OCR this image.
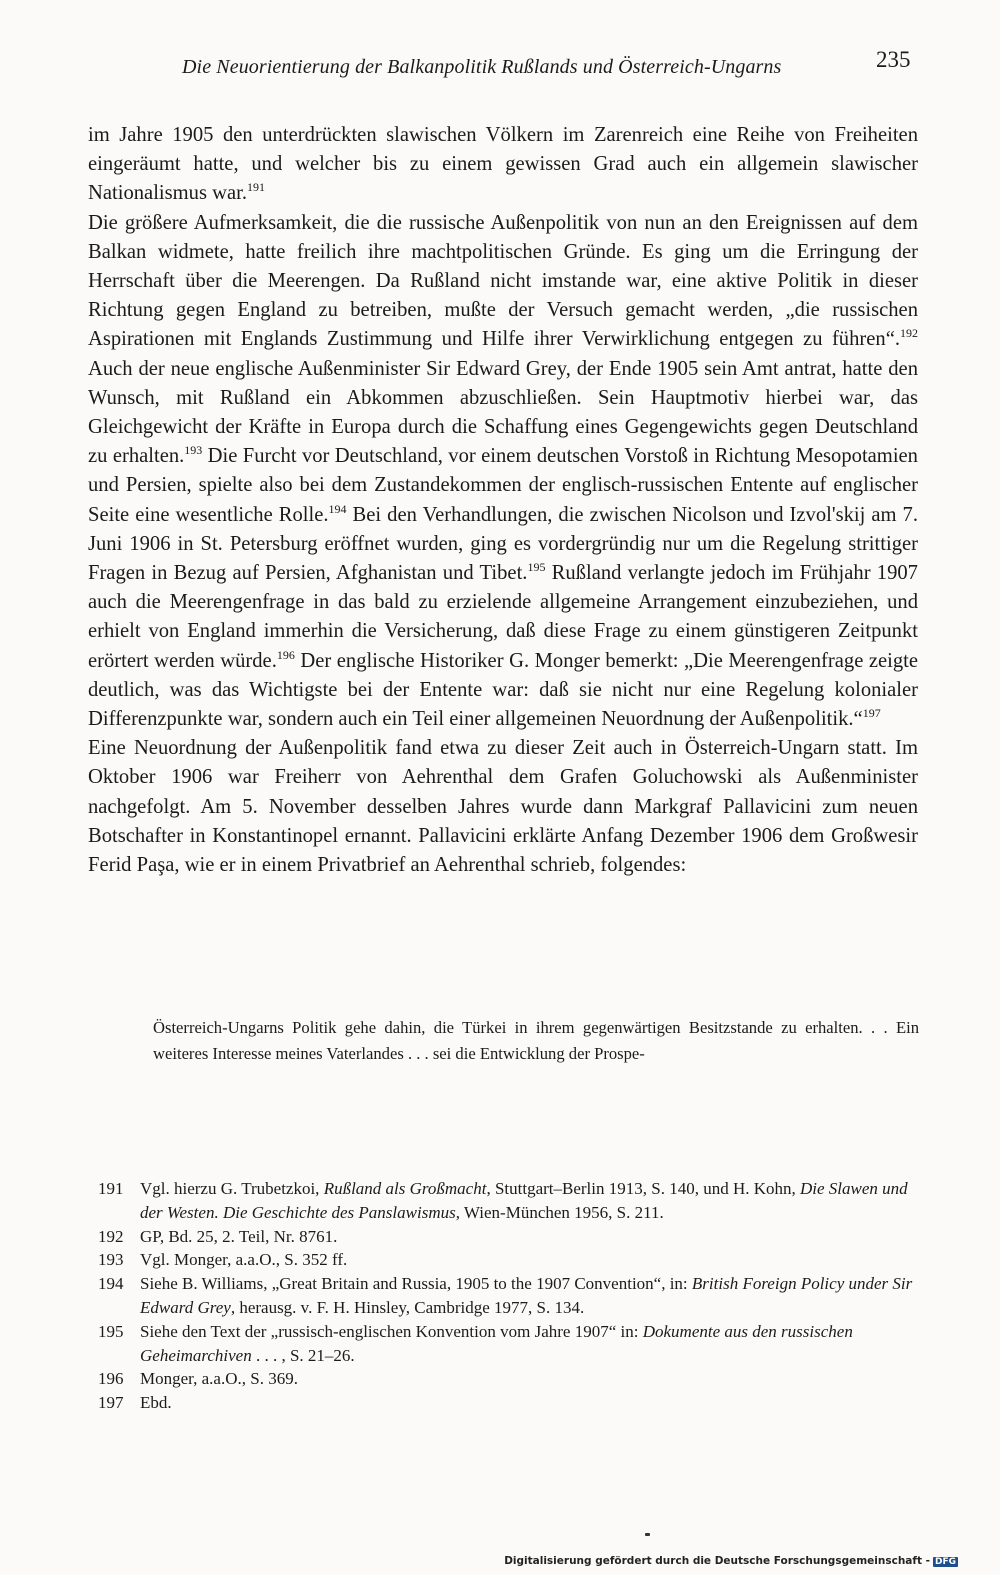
Die Neuorientierung der Balkanpolitik Rußlands und Österreich-Ungarns	235

im Jahre 1905 den unterdrückten slawischen Völkern im Zarenreich eine Reihe von Freiheiten eingeräumt hatte, und welcher bis zu einem gewissen Grad auch ein allgemein slawischer Nationalismus war.$^{191}$

Die größere Aufmerksamkeit, die die russische Außenpolitik von nun an den Ereignissen auf dem Balkan widmete, hatte freilich ihre machtpolitischen Gründe. Es ging um die Erringung der Herrschaft über die Meerengen. Da Rußland nicht imstande war, eine aktive Politik in dieser Richtung gegen England zu betreiben, mußte der Versuch gemacht werden, „die russischen Aspirationen mit Englands Zustimmung und Hilfe ihrer Verwirklichung entgegen zu führen“.$^{192}$ Auch der neue englische Außenminister Sir Edward Grey, der Ende 1905 sein Amt antrat, hatte den Wunsch, mit Rußland ein Abkommen abzuschließen. Sein Hauptmotiv hierbei war, das Gleichgewicht der Kräfte in Europa durch die Schaffung eines Gegengewichts gegen Deutschland zu erhalten.$^{193}$ Die Furcht vor Deutschland, vor einem deutschen Vorstoß in Richtung Mesopotamien und Persien, spielte also bei dem Zustandekommen der englisch-russischen Entente auf englischer Seite eine wesentliche Rolle.$^{194}$ Bei den Verhandlungen, die zwischen Nicolson und Izvol'skij am 7. Juni 1906 in St. Petersburg eröffnet wurden, ging es vordergründig nur um die Regelung strittiger Fragen in Bezug auf Persien, Afghanistan und Tibet.$^{195}$ Rußland verlangte jedoch im Frühjahr 1907 auch die Meerengenfrage in das bald zu erzielende allgemeine Arrangement einzubeziehen, und erhielt von England immerhin die Versicherung, daß diese Frage zu einem günstigeren Zeitpunkt erörtert werden würde.$^{196}$ Der englische Historiker G. Monger bemerkt: „Die Meerengenfrage zeigte deutlich, was das Wichtigste bei der Entente war: daß sie nicht nur eine Regelung kolonialer Differenzpunkte war, sondern auch ein Teil einer allgemeinen Neuordnung der Außenpolitik.“$^{197}$

Eine Neuordnung der Außenpolitik fand etwa zu dieser Zeit auch in Österreich-Ungarn statt. Im Oktober 1906 war Freiherr von Aehrenthal dem Grafen Goluchowski als Außenminister nachgefolgt. Am 5. November desselben Jahres wurde dann Markgraf Pallavicini zum neuen Botschafter in Konstantinopel ernannt. Pallavicini erklärte Anfang Dezember 1906 dem Großwesir Ferid Paşa, wie er in einem Privatbrief an Aehrenthal schrieb, folgendes:

Österreich-Ungarns Politik gehe dahin, die Türkei in ihrem gegenwärtigen Besitzstande zu erhalten. . . Ein weiteres Interesse meines Vaterlandes . . . sei die Entwicklung der Prospe-

191 Vgl. hierzu G. Trubetzkoi, Rußland als Großmacht, Stuttgart–Berlin 1913, S. 140, und H. Kohn, Die Slawen und der Westen. Die Geschichte des Panslawismus, Wien-München 1956, S. 211.
192 GP, Bd. 25, 2. Teil, Nr. 8761.
193 Vgl. Monger, a.a.O., S. 352 ff.
194 Siehe B. Williams, „Great Britain and Russia, 1905 to the 1907 Convention“, in: British Foreign Policy under Sir Edward Grey, herausg. v. F. H. Hinsley, Cambridge 1977, S. 134.
195 Siehe den Text der „russisch-englischen Konvention vom Jahre 1907“ in: Dokumente aus den russischen Geheimarchiven . . . , S. 21–26.
196 Monger, a.a.O., S. 369.
197 Ebd.
Digitalisierung gefördert durch die Deutsche Forschungsgemeinschaft - DFG
